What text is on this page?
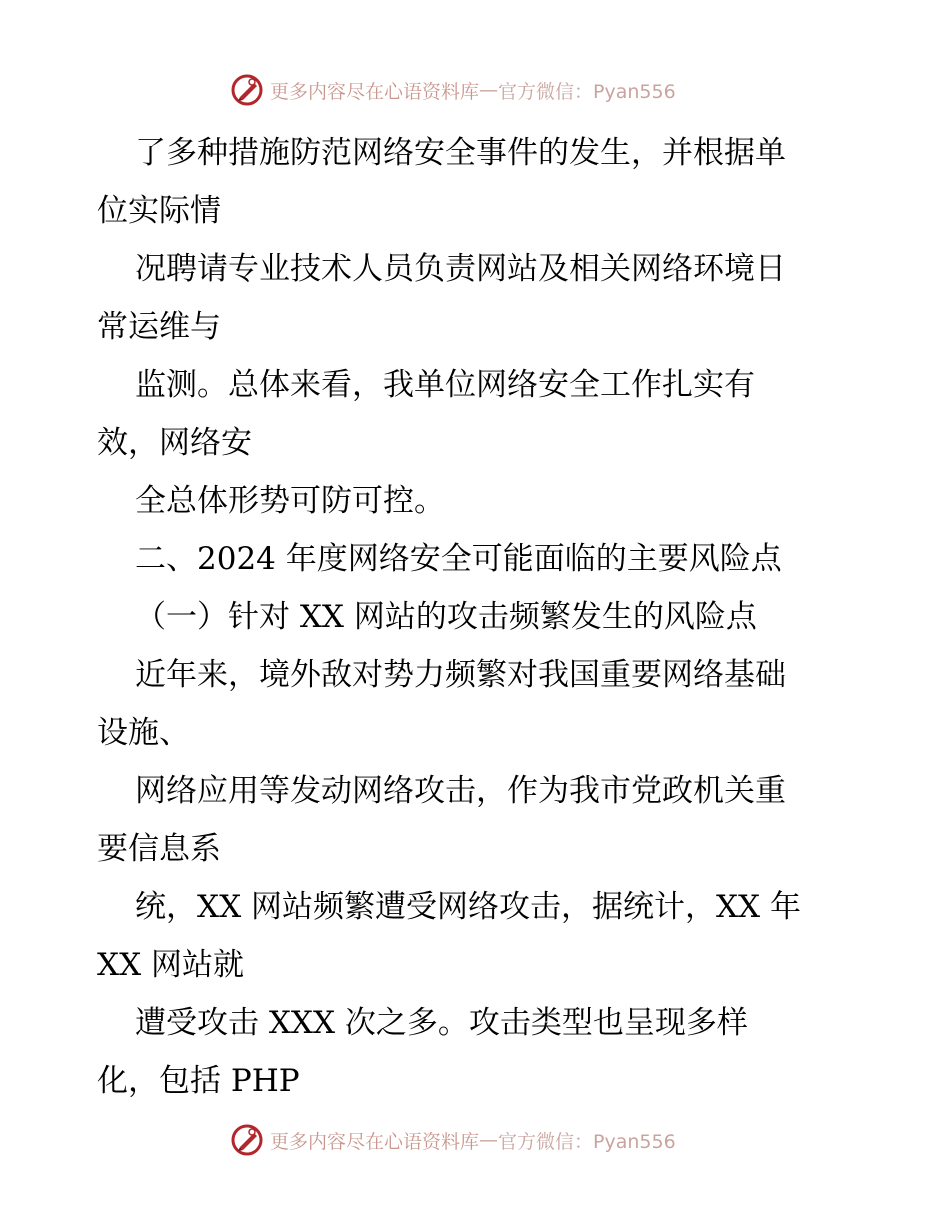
更多内容尽在心语资料库 — 官方微信：Pyan556
了多种措施防范网络安全事件的发生，并根据单
位实际情
况聘请专业技术人员负责网站及相关网络环境日
常运维与
监测。总体来看，我单位网络安全工作扎实有
效，网络安
全总体形势可防可控。
二、2024 年度网络安全可能面临的主要风险点
（一）针对 XX 网站的攻击频繁发生的风险点
近年来，境外敌对势力频繁对我国重要网络基础
设施、
网络应用等发动网络攻击，作为我市党政机关重
要信息系
统，XX 网站频繁遭受网络攻击，据统计，XX 年
XX 网站就
遭受攻击 XXX 次之多。攻击类型也呈现多样
化，包括 PHP
更多内容尽在心语资料库 — 官方微信：Pyan556
